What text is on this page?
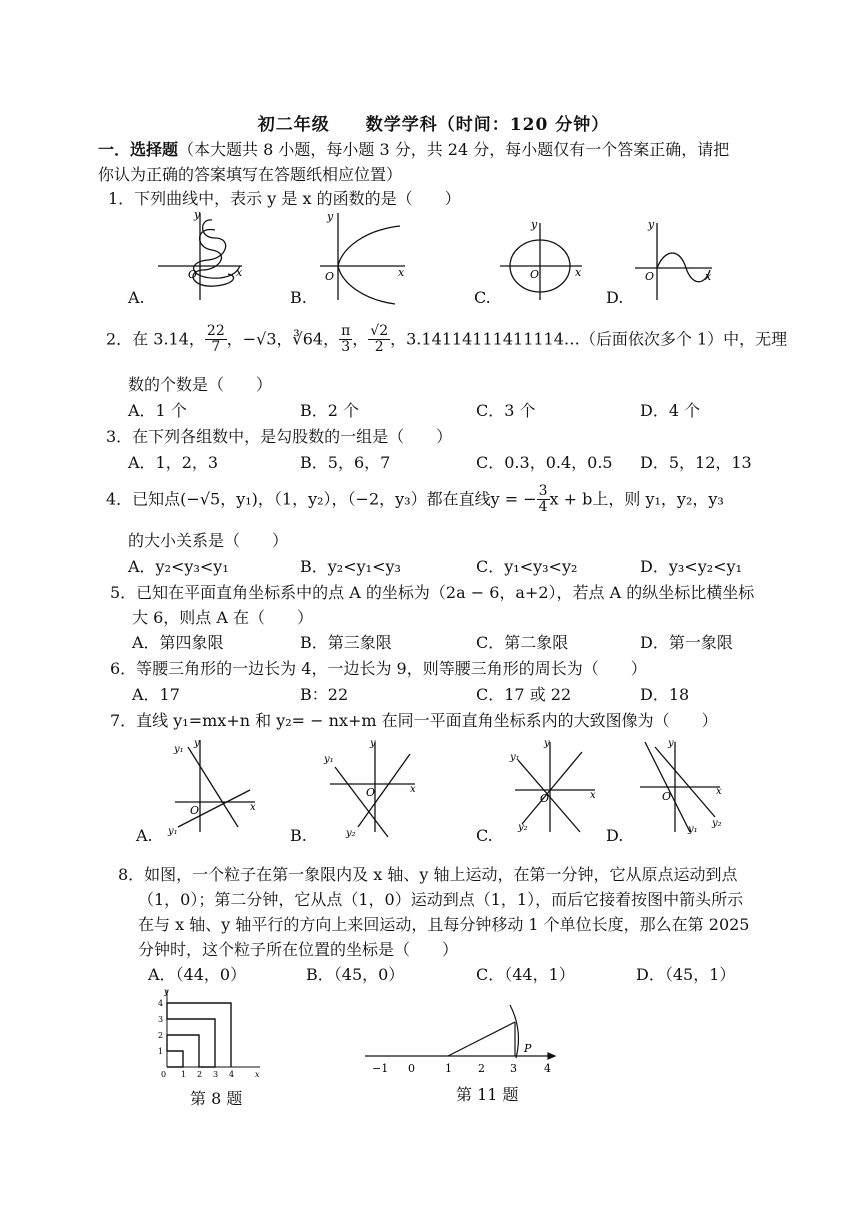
初二年级　　数学学科（时间：120 分钟）
一．选择题（本大题共 8 小题，每小题 3 分，共 24 分，每小题仅有一个答案正确，请把
你认为正确的答案填写在答题纸相应位置）
1．下列曲线中，表示 y 是 x 的函数的是（　　）
y
O	x
y
O	x
y
O	x
y
O	x
A.	B.	C.	D.
2．在 3.14， $\frac{22}{7}$ ，−√3，∛64， $\frac{\pi}{3}$ ， $\frac{√2}{2}$ ，3.14114111411114…（后面依次多个 1）中，无理
数的个数是（　　）
A．1 个	B．2 个	C．3 个	D．4 个
3．在下列各组数中，是勾股数的一组是（　　）
A．1，2，3	B．5，6，7	C．0.3，0.4，0.5 D．5，12，13
4．已知点(−√5，y₁)，（1，y₂），（−2，y₃）都在直线y = − $\frac{3}{4}$ x + b上，则 y₁，y₂，y₃
的大小关系是（　　）
A．y₂<y₃<y₁	B．y₂<y₁<y₃	C．y₁<y₃<y₂	D．y₃<y₂<y₁
5．已知在平面直角坐标系中的点 A 的坐标为（2a − 6，a+2），若点 A 的纵坐标比横坐标
大 6，则点 A 在（　　）
A．第四象限	B．第三象限	C．第二象限	D．第一象限
6．等腰三角形的一边长为 4，一边长为 9，则等腰三角形的周长为（　　）
A．17	B：22	C．17 或 22	D．18
7．直线 y₁=mx+n 和 y₂= − nx+m 在同一平面直角坐标系内的大致图像为（　　）
y₁
y
O
y₁
x
y₁
y
O
y₂
x
y₁
y
O
y₂
x
y
O
y₁
y₂
x
A.	B.	C.	D.
8．如图，一个粒子在第一象限内及 x 轴、y 轴上运动，在第一分钟，它从原点运动到点
（1，0）；第二分钟，它从点（1，0）运动到点（1，1），而后它接着按图中箭头所示
在与 x 轴、y 轴平行的方向上来回运动，且每分钟移动 1 个单位长度，那么在第 2025
分钟时，这个粒子所在位置的坐标是（　　）
A．（44，0）	B．（45，0）	C．（44，1）	D．（45，1）
0 1 2 3 4
1
2
3
4
y
x
第 8 题
−1 0	1 2 3 4
P
第 11 题
